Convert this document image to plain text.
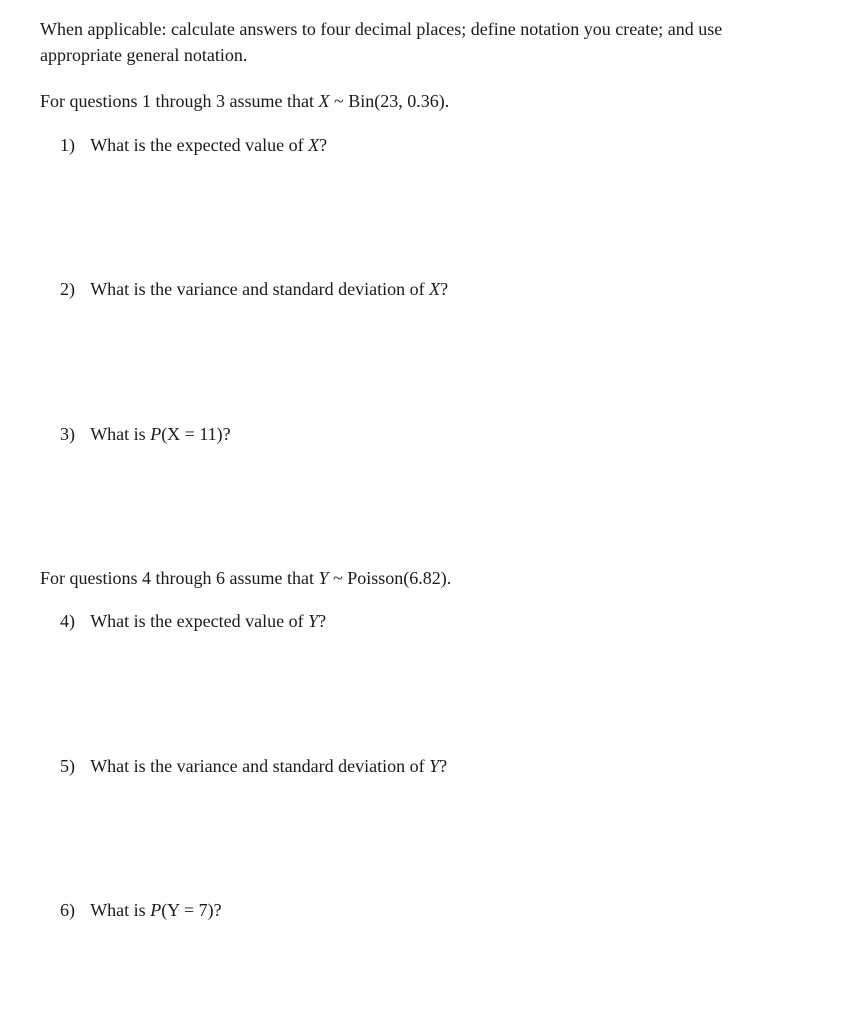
When applicable: calculate answers to four decimal places; define notation you create; and use appropriate general notation.
For questions 1 through 3 assume that X ~ Bin(23, 0.36).
1) What is the expected value of X?
2) What is the variance and standard deviation of X?
3) What is P(X = 11)?
For questions 4 through 6 assume that Y ~ Poisson(6.82).
4) What is the expected value of Y?
5) What is the variance and standard deviation of Y?
6) What is P(Y = 7)?
